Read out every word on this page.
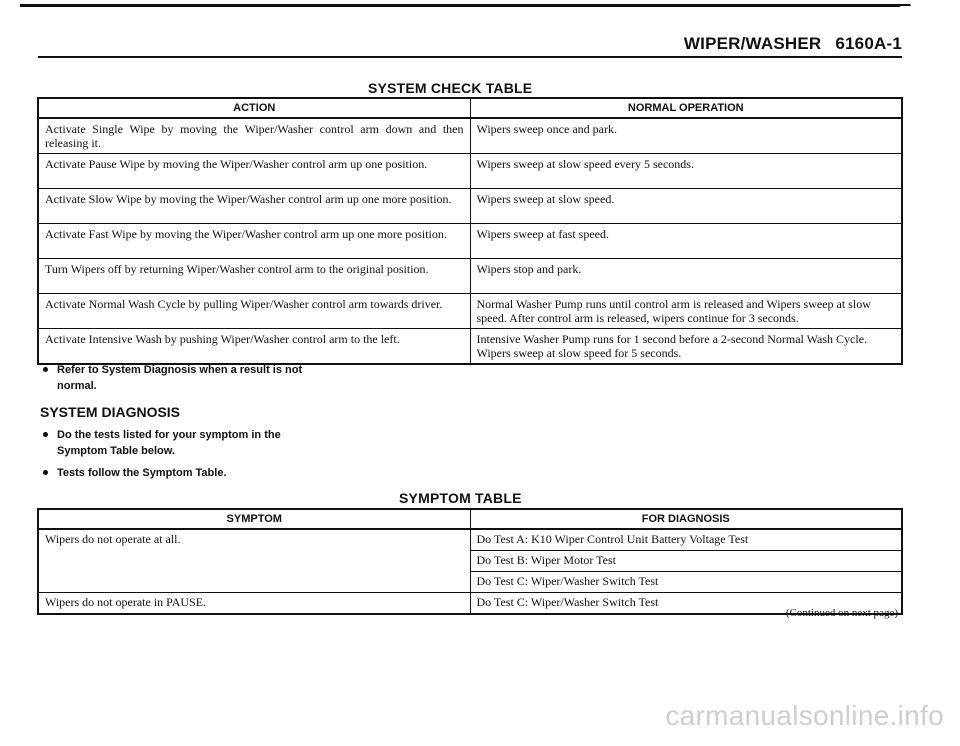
WIPER/WASHER 6160A-1
SYSTEM CHECK TABLE
ACTION	NORMAL OPERATION
Activate Single Wipe by moving the Wiper/Washer control arm down and then releasing it.	Wipers sweep once and park.
Activate Pause Wipe by moving the Wiper/Washer control arm up one position.	Wipers sweep at slow speed every 5 seconds.
Activate Slow Wipe by moving the Wiper/Washer control arm up one more position.	Wipers sweep at slow speed.
Activate Fast Wipe by moving the Wiper/Washer control arm up one more position.	Wipers sweep at fast speed.
Turn Wipers off by returning Wiper/Washer control arm to the original position.	Wipers stop and park.
Activate Normal Wash Cycle by pulling Wiper/Washer control arm towards driver.	Normal Washer Pump runs until control arm is released and Wipers sweep at slow speed. After control arm is released, wipers continue for 3 seconds.
Activate Intensive Wash by pushing Wiper/Washer control arm to the left.	Intensive Washer Pump runs for 1 second before a 2-second Normal Wash Cycle. Wipers sweep at slow speed for 5 seconds.
Refer to System Diagnosis when a result is not normal.
SYSTEM DIAGNOSIS
Do the tests listed for your symptom in the Symptom Table below.
Tests follow the Symptom Table.
SYMPTOM TABLE
SYMPTOM	FOR DIAGNOSIS
Wipers do not operate at all.	Do Test A: K10 Wiper Control Unit Battery Voltage Test
	Do Test B: Wiper Motor Test
	Do Test C: Wiper/Washer Switch Test
Wipers do not operate in PAUSE.	Do Test C: Wiper/Washer Switch Test
(Continued on next page)
carmanualsonline.info
